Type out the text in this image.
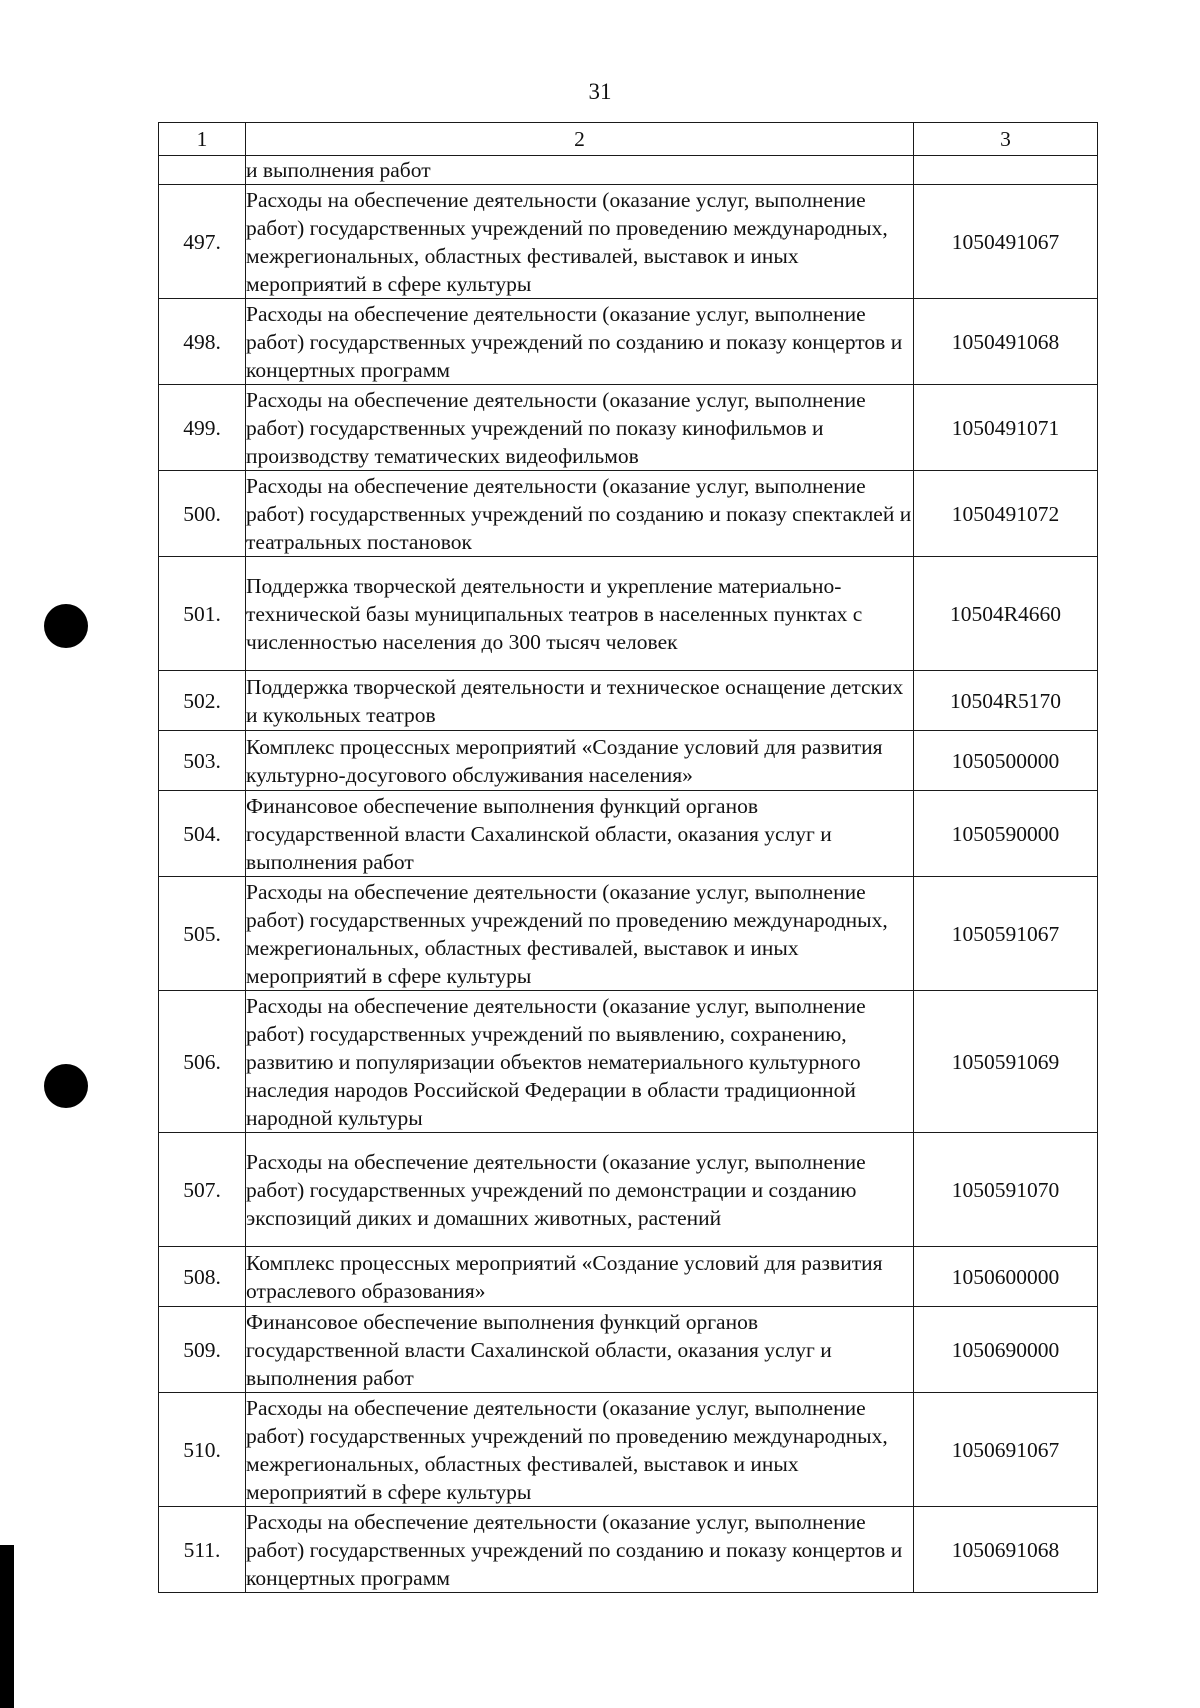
31
1	2	3
	и выполнения работ	
497.	Расходы на обеспечение деятельности (оказание услуг, выполнение работ) государственных учреждений по проведению международных, межрегиональных, областных фестивалей, выставок и иных мероприятий в сфере культуры	1050491067
498.	Расходы на обеспечение деятельности (оказание услуг, выполнение работ) государственных учреждений по созданию и показу концертов и концертных программ	1050491068
499.	Расходы на обеспечение деятельности (оказание услуг, выполнение работ) государственных учреждений по показу кинофильмов и производству тематических видеофильмов	1050491071
500.	Расходы на обеспечение деятельности (оказание услуг, выполнение работ) государственных учреждений по созданию и показу спектаклей и театральных постановок	1050491072
501.	Поддержка творческой деятельности и укрепление материально-технической базы муниципальных театров в населенных пунктах с численностью населения до 300 тысяч человек	10504R4660
502.	Поддержка творческой деятельности и техническое оснащение детских и кукольных театров	10504R5170
503.	Комплекс процессных мероприятий «Создание условий для развития культурно-досугового обслуживания населения»	1050500000
504.	Финансовое обеспечение выполнения функций органов государственной власти Сахалинской области, оказания услуг и выполнения работ	1050590000
505.	Расходы на обеспечение деятельности (оказание услуг, выполнение работ) государственных учреждений по проведению международных, межрегиональных, областных фестивалей, выставок и иных мероприятий в сфере культуры	1050591067
506.	Расходы на обеспечение деятельности (оказание услуг, выполнение работ) государственных учреждений по выявлению, сохранению, развитию и популяризации объектов нематериального культурного наследия народов Российской Федерации в области традиционной народной культуры	1050591069
507.	Расходы на обеспечение деятельности (оказание услуг, выполнение работ) государственных учреждений по демонстрации и созданию экспозиций диких и домашних животных, растений	1050591070
508.	Комплекс процессных мероприятий «Создание условий для развития отраслевого образования»	1050600000
509.	Финансовое обеспечение выполнения функций органов государственной власти Сахалинской области, оказания услуг и выполнения работ	1050690000
510.	Расходы на обеспечение деятельности (оказание услуг, выполнение работ) государственных учреждений по проведению международных, межрегиональных, областных фестивалей, выставок и иных мероприятий в сфере культуры	1050691067
511.	Расходы на обеспечение деятельности (оказание услуг, выполнение работ) государственных учреждений по созданию и показу концертов и концертных программ	1050691068
